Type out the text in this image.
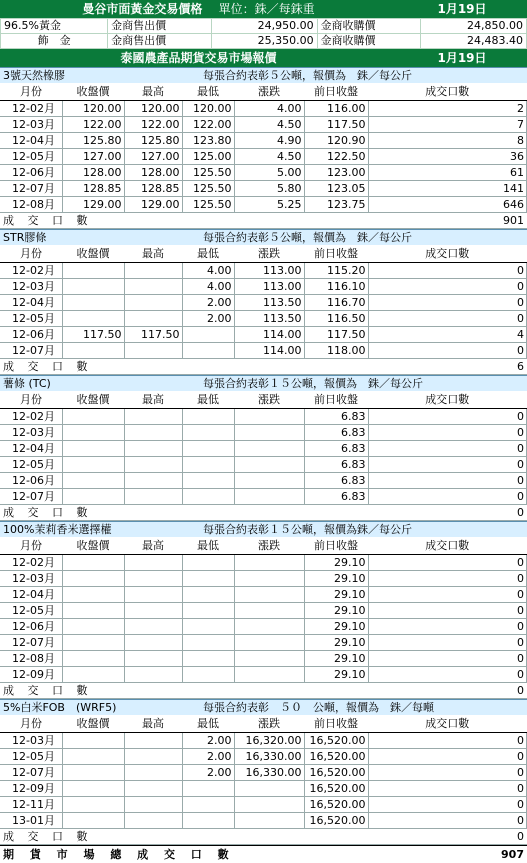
曼谷市面黃金交易價格　 單位：銖／每銖重	1月19日
96.5%黃金	金商售出價	24,950.00	金商收購價	24,850.00
飾　金	金商售出價	25,350.00	金商收購價	24,483.40
泰國農產品期貨交易市場報價	1月19日
3號天然橡膠	每張合約表彰５公噸，報價為　銖／每公斤
月份	收盤價	最高	最低	漲跌	前日收盤	成交口數
12-02月	120.00	120.00	120.00	4.00	116.00	2
12-03月	122.00	122.00	122.00	4.50	117.50	7
12-04月	125.80	125.80	123.80	4.90	120.90	8
12-05月	127.00	127.00	125.00	4.50	122.50	36
12-06月	128.00	128.00	125.50	5.00	123.00	61
12-07月	128.85	128.85	125.50	5.80	123.05	141
12-08月	129.00	129.00	125.50	5.25	123.75	646
成 交 口 數	901
STR膠條	每張合約表彰５公噸，報價為　銖／每公斤
月份	收盤價	最高	最低	漲跌	前日收盤	成交口數
12-02月			4.00	113.00	115.20	0
12-03月			4.00	113.00	116.10	0
12-04月			2.00	113.50	116.70	0
12-05月			2.00	113.50	116.50	0
12-06月	117.50	117.50		114.00	117.50	4
12-07月				114.00	118.00	0
成 交 口 數	6
薯條 (TC)	每張合約表彰１５公噸，報價為　銖／每公斤
月份	收盤價	最高	最低	漲跌	前日收盤	成交口數
12-02月					6.83	0
12-03月					6.83	0
12-04月					6.83	0
12-05月					6.83	0
12-06月					6.83	0
12-07月					6.83	0
成 交 口 數	0
100%茉莉香米選擇權	每張合約表彰１５公噸，報價為銖／每公斤
月份	收盤價	最高	最低	漲跌	前日收盤	成交口數
12-02月					29.10	0
12-03月					29.10	0
12-04月					29.10	0
12-05月					29.10	0
12-06月					29.10	0
12-07月					29.10	0
12-08月					29.10	0
12-09月					29.10	0
成 交 口 數	0
5%白米FOB　(WRF5)	每張合約表彰　５０　公噸，報價為　銖／每噸
月份	收盤價	最高	最低	漲跌	前日收盤	成交口數
12-03月			2.00	16,320.00	16,520.00	0
12-05月			2.00	16,330.00	16,520.00	0
12-07月			2.00	16,330.00	16,520.00	0
12-09月					16,520.00	0
12-11月					16,520.00	0
13-01月					16,520.00	0
成 交 口 數	0
期 貨 市 場 總 成 交 口 數	907
